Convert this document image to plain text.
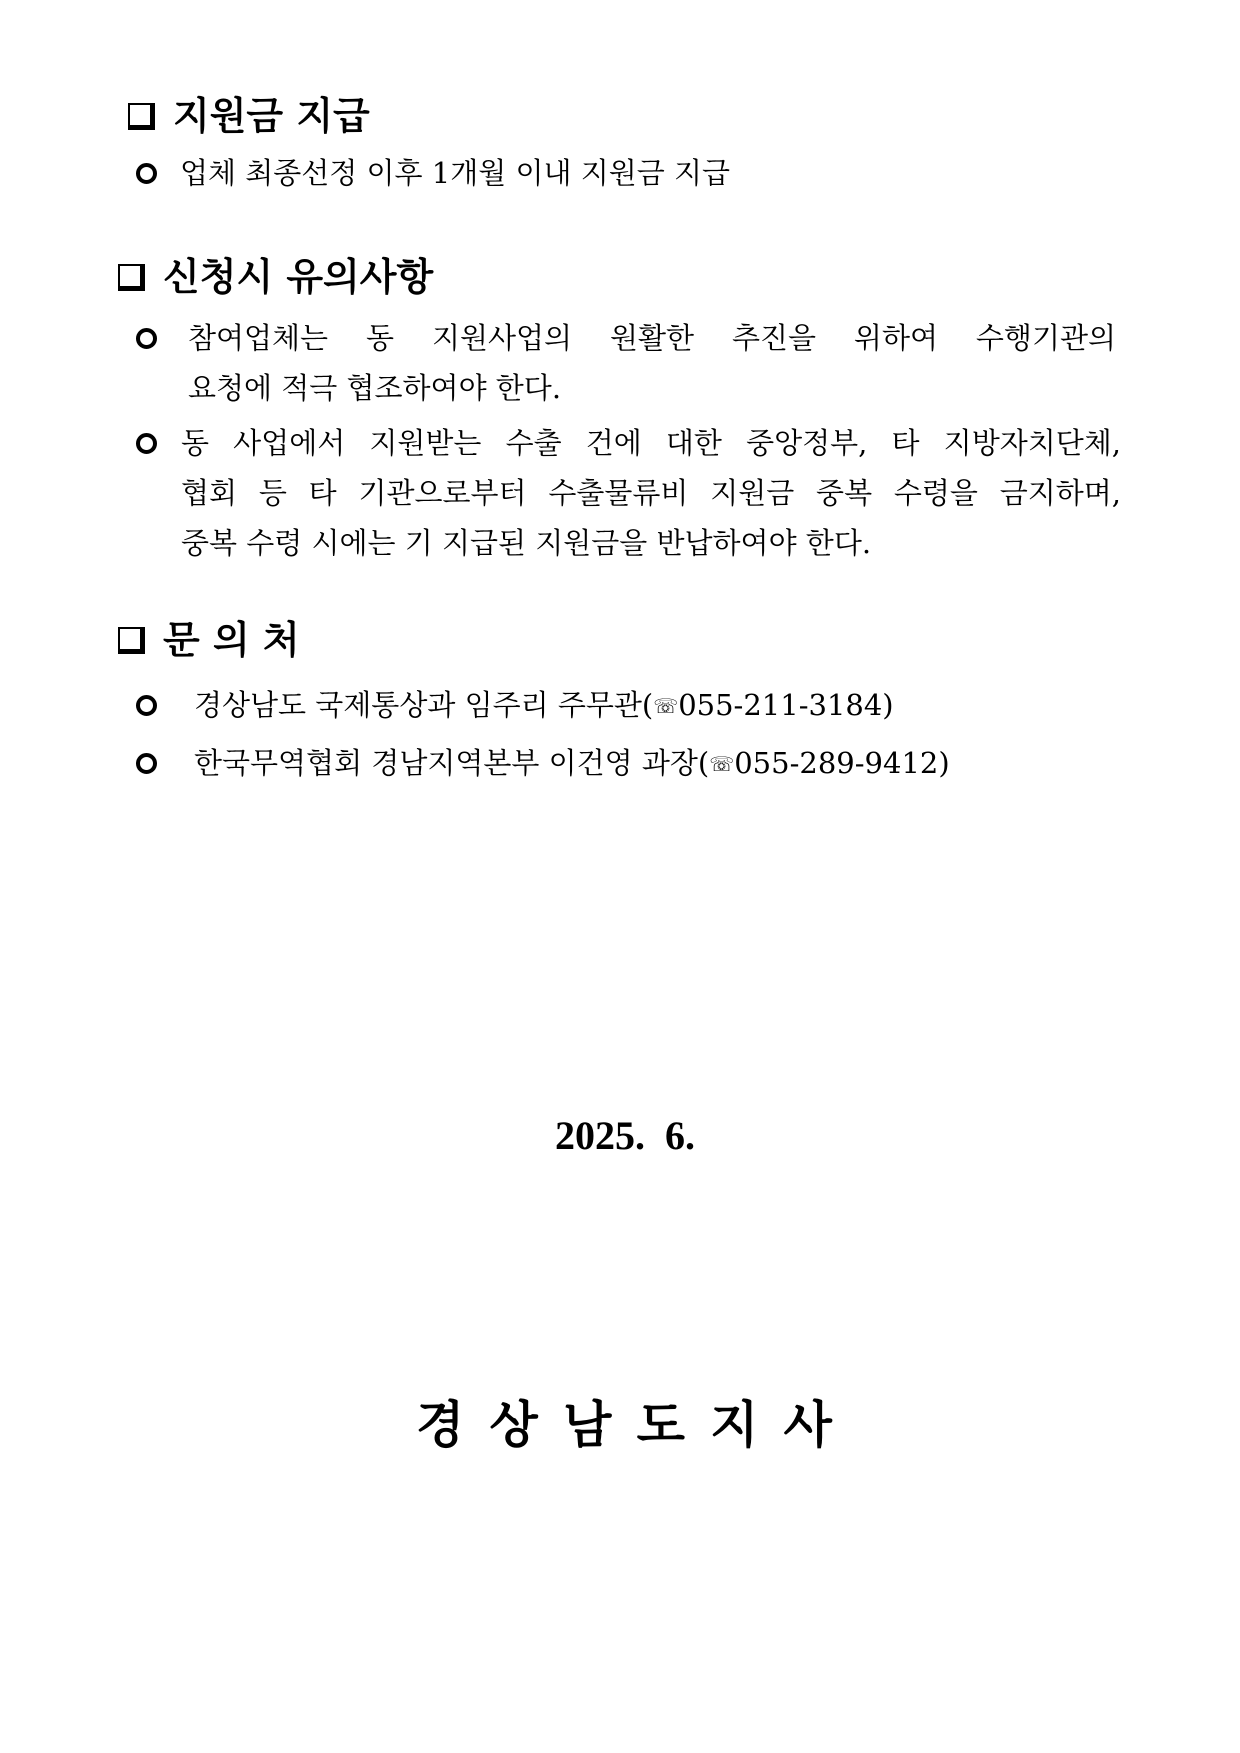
지원금 지급
업체 최종선정 이후 1개월 이내 지원금 지급
신청시 유의사항
참여업체는 동 지원사업의 원활한 추진을 위하여 수행기관의
요청에 적극 협조하여야 한다.
동 사업에서 지원받는 수출 건에 대한 중앙정부, 타 지방자치단체,
협회 등 타 기관으로부터 수출물류비 지원금 중복 수령을 금지하며,
중복 수령 시에는 기 지급된 지원금을 반납하여야 한다.
문 의 처
경상남도 국제통상과 임주리 주무관(☏055-211-3184)
한국무역협회 경남지역본부 이건영 과장(☏055-289-9412)
2025.  6.
경 상 남 도 지 사
